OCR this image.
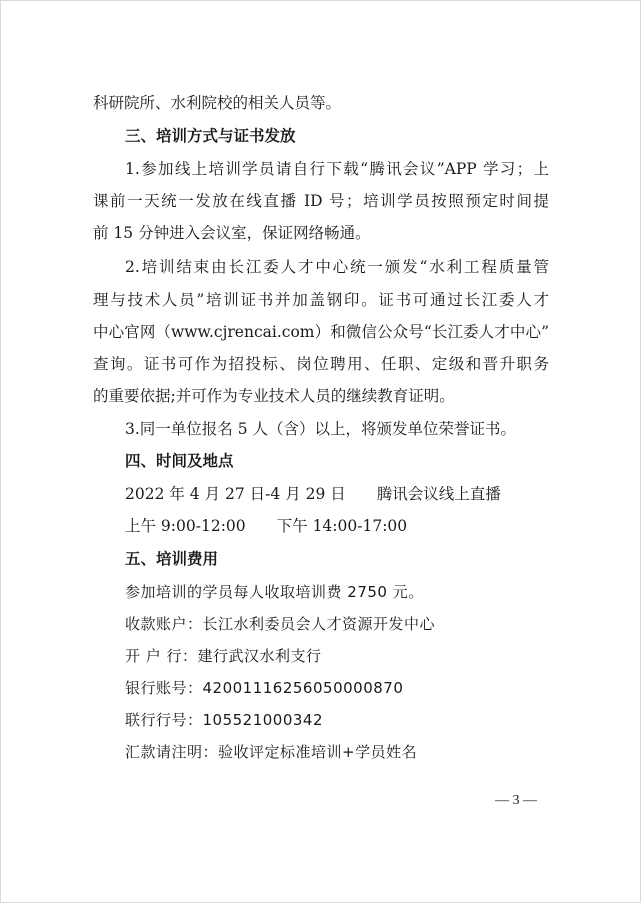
科研院所、水利院校的相关人员等。
三、培训方式与证书发放
1.参加线上培训学员请自行下载“腾讯会议”APP 学习；上
课前一天统一发放在线直播 ID 号；培训学员按照预定时间提
前 15 分钟进入会议室，保证网络畅通。
2.培训结束由长江委人才中心统一颁发“水利工程质量管
理与技术人员”培训证书并加盖钢印。证书可通过长江委人才
中心官网（www.cjrencai.com）和微信公众号“长江委人才中心”
查询。证书可作为招投标、岗位聘用、任职、定级和晋升职务
的重要依据;并可作为专业技术人员的继续教育证明。
3.同一单位报名 5 人（含）以上，将颁发单位荣誉证书。
四、时间及地点
2022 年 4 月 27 日-4 月 29 日　　腾讯会议线上直播
上午 9:00-12:00　　下午 14:00-17:00
五、培训费用
参加培训的学员每人收取培训费 2750 元。
收款账户：长江水利委员会人才资源开发中心
开 户 行：建行武汉水利支行
银行账号：42001116256050000870
联行行号：105521000342
汇款请注明：验收评定标准培训+学员姓名
— 3 —
